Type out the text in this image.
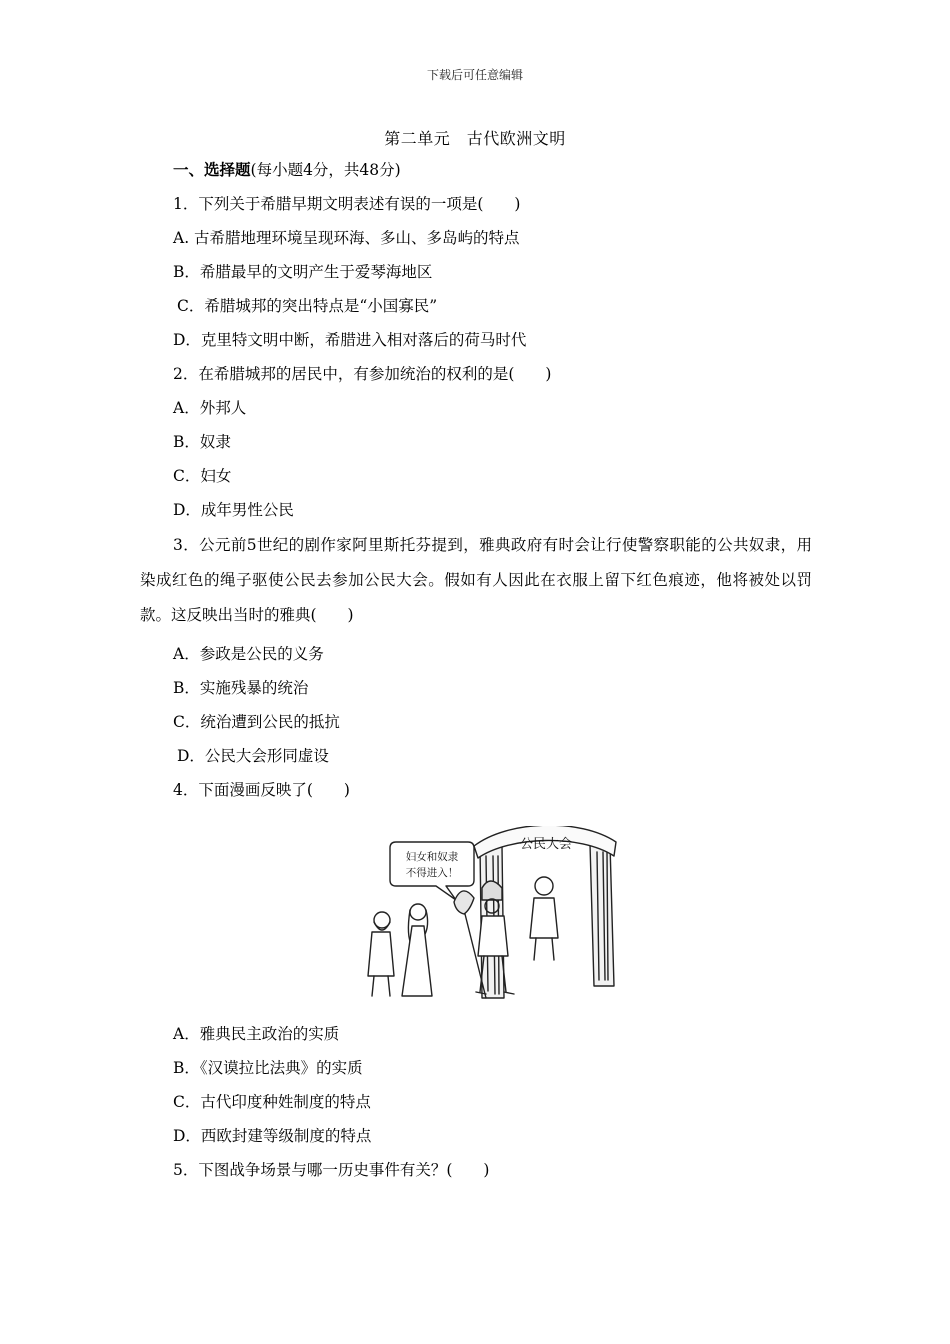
下载后可任意编辑
第二单元　古代欧洲文明
一、选择题(每小题4分，共48分)
1．下列关于希腊早期文明表述有误的一项是(　　)
A. 古希腊地理环境呈现环海、多山、多岛屿的特点
B．希腊最早的文明产生于爱琴海地区
C．希腊城邦的突出特点是“小国寡民”
D．克里特文明中断，希腊进入相对落后的荷马时代
2．在希腊城邦的居民中，有参加统治的权利的是(　　)
A．外邦人
B．奴隶
C．妇女
D．成年男性公民
3．公元前5世纪的剧作家阿里斯托芬提到，雅典政府有时会让行使警察职能的公共奴隶，用染成红色的绳子驱使公民去参加公民大会。假如有人因此在衣服上留下红色痕迹，他将被处以罚款。这反映出当时的雅典(　　)
A．参政是公民的义务
B．实施残暴的统治
C．统治遭到公民的抵抗
D．公民大会形同虚设
4．下面漫画反映了(　　)
公民大会
妇女和奴隶
不得进入！
A．雅典民主政治的实质
B．《汉谟拉比法典》的实质
C．古代印度种姓制度的特点
D．西欧封建等级制度的特点
5．下图战争场景与哪一历史事件有关？(　　)
